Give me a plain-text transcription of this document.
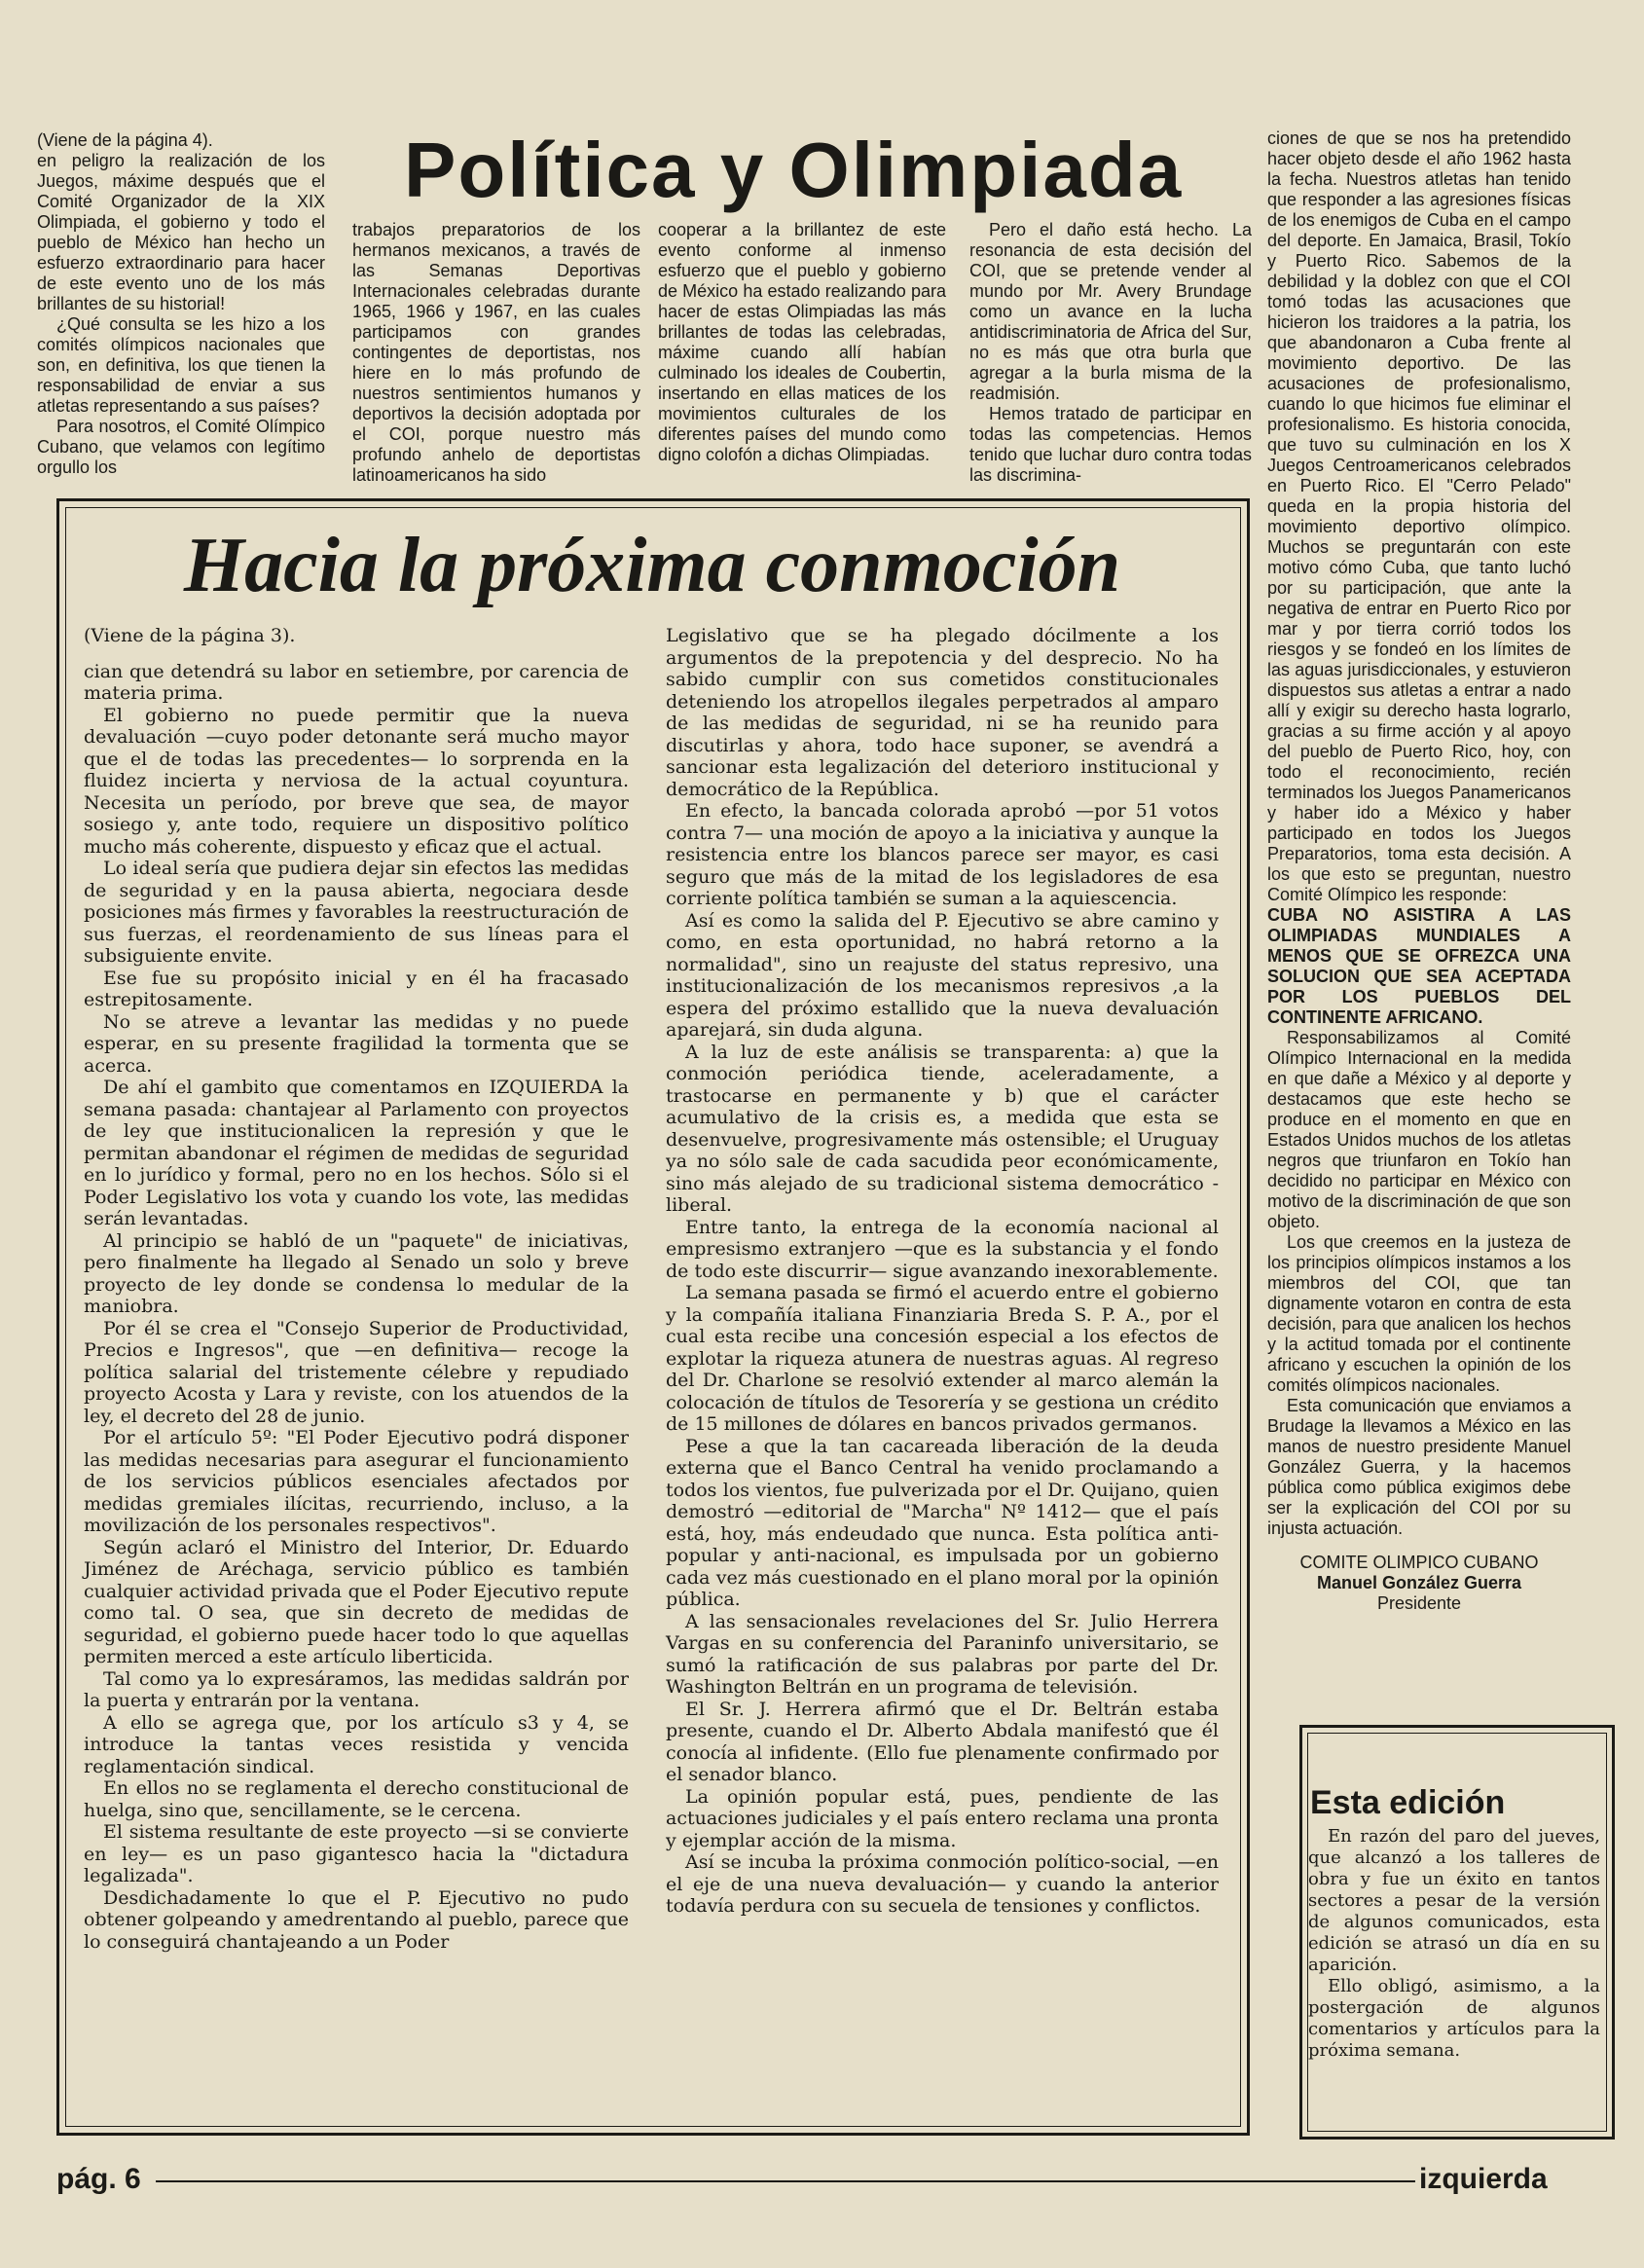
(Viene de la página 4).

en peligro la realización de los Juegos, máxime después que el Comité Organizador de la XIX Olimpiada, el gobierno y todo el pueblo de México han hecho un esfuerzo extraordinario para hacer de este evento uno de los más brillantes de su historial!

¿Qué consulta se les hizo a los comités olímpicos nacionales que son, en definitiva, los que tienen la responsabilidad de enviar a sus atletas representando a sus países?

Para nosotros, el Comité Olímpico Cubano, que velamos con legítimo orgullo los

Política y Olimpiada

trabajos preparatorios de los hermanos mexicanos, a través de las Semanas Deportivas Internacionales celebradas durante 1965, 1966 y 1967, en las cuales participamos con grandes contingentes de deportistas, nos hiere en lo más profundo de nuestros sentimientos humanos y deportivos la decisión adoptada por el COI, porque nuestro más profundo anhelo de deportistas latinoamericanos ha sido

cooperar a la brillantez de este evento conforme al inmenso esfuerzo que el pueblo y gobierno de México ha estado realizando para hacer de estas Olimpiadas las más brillantes de todas las celebradas, máxime cuando allí habían culminado los ideales de Coubertin, insertando en ellas matices de los movimientos culturales de los diferentes países del mundo como digno colofón a dichas Olimpiadas.

Pero el daño está hecho. La resonancia de esta decisión del COI, que se pretende vender al mundo por Mr. Avery Brundage como un avance en la lucha antidiscriminatoria de Africa del Sur, no es más que otra burla que agregar a la burla misma de la readmisión.

Hemos tratado de participar en todas las competencias. Hemos tenido que luchar duro contra todas las discrimina-

ciones de que se nos ha pretendido hacer objeto desde el año 1962 hasta la fecha. Nuestros atletas han tenido que responder a las agresiones físicas de los enemigos de Cuba en el campo del deporte. En Jamaica, Brasil, Tokío y Puerto Rico. Sabemos de la debilidad y la doblez con que el COI tomó todas las acusaciones que hicieron los traidores a la patria, los que abandonaron a Cuba frente al movimiento deportivo. De las acusaciones de profesionalismo, cuando lo que hicimos fue eliminar el profesionalismo. Es historia conocida, que tuvo su culminación en los X Juegos Centroamericanos celebrados en Puerto Rico. El "Cerro Pelado" queda en la propia historia del movimiento deportivo olímpico. Muchos se preguntarán con este motivo cómo Cuba, que tanto luchó por su participación, que ante la negativa de entrar en Puerto Rico por mar y por tierra corrió todos los riesgos y se fondeó en los límites de las aguas jurisdiccionales, y estuvieron dispuestos sus atletas a entrar a nado allí y exigir su derecho hasta lograrlo, gracias a su firme acción y al apoyo del pueblo de Puerto Rico, hoy, con todo el reconocimiento, recién terminados los Juegos Panamericanos y haber ido a México y haber participado en todos los Juegos Preparatorios, toma esta decisión. A los que esto se preguntan, nuestro Comité Olímpico les responde:

CUBA NO ASISTIRA A LAS OLIMPIADAS MUNDIALES A MENOS QUE SE OFREZCA UNA SOLUCION QUE SEA ACEPTADA POR LOS PUEBLOS DEL CONTINENTE AFRICANO.

Responsabilizamos al Comité Olímpico Internacional en la medida en que dañe a México y al deporte y destacamos que este hecho se produce en el momento en que en Estados Unidos muchos de los atletas negros que triunfaron en Tokío han decidido no participar en México con motivo de la discriminación de que son objeto.

Los que creemos en la justeza de los principios olímpicos instamos a los miembros del COI, que tan dignamente votaron en contra de esta decisión, para que analicen los hechos y la actitud tomada por el continente africano y escuchen la opinión de los comités olímpicos nacionales.

Esta comunicación que enviamos a Brudage la llevamos a México en las manos de nuestro presidente Manuel González Guerra, y la hacemos pública como pública exigimos debe ser la explicación del COI por su injusta actuación.

COMITE OLIMPICO CUBANO
Manuel González Guerra
Presidente
Hacia la próxima conmoción

(Viene de la página 3).

cian que detendrá su labor en setiembre, por carencia de materia prima.

El gobierno no puede permitir que la nueva devaluación —cuyo poder detonante será mucho mayor que el de todas las precedentes— lo sorprenda en la fluidez incierta y nerviosa de la actual coyuntura. Necesita un período, por breve que sea, de mayor sosiego y, ante todo, requiere un dispositivo político mucho más coherente, dispuesto y eficaz que el actual.

Lo ideal sería que pudiera dejar sin efectos las medidas de seguridad y en la pausa abierta, negociara desde posiciones más firmes y favorables la reestructuración de sus fuerzas, el reordenamiento de sus líneas para el subsiguiente envite.

Ese fue su propósito inicial y en él ha fracasado estrepitosamente.

No se atreve a levantar las medidas y no puede esperar, en su presente fragilidad la tormenta que se acerca.

De ahí el gambito que comentamos en IZQUIERDA la semana pasada: chantajear al Parlamento con proyectos de ley que institucionalicen la represión y que le permitan abandonar el régimen de medidas de seguridad en lo jurídico y formal, pero no en los hechos. Sólo si el Poder Legislativo los vota y cuando los vote, las medidas serán levantadas.

Al principio se habló de un "paquete" de iniciativas, pero finalmente ha llegado al Senado un solo y breve proyecto de ley donde se condensa lo medular de la maniobra.

Por él se crea el "Consejo Superior de Productividad, Precios e Ingresos", que —en definitiva— recoge la política salarial del tristemente célebre y repudiado proyecto Acosta y Lara y reviste, con los atuendos de la ley, el decreto del 28 de junio.

Por el artículo 5º: "El Poder Ejecutivo podrá disponer las medidas necesarias para asegurar el funcionamiento de los servicios públicos esenciales afectados por medidas gremiales ilícitas, recurriendo, incluso, a la movilización de los personales respectivos".

Según aclaró el Ministro del Interior, Dr. Eduardo Jiménez de Aréchaga, servicio público es también cualquier actividad privada que el Poder Ejecutivo repute como tal. O sea, que sin decreto de medidas de seguridad, el gobierno puede hacer todo lo que aquellas permiten merced a este artículo liberticida.

Tal como ya lo expresáramos, las medidas saldrán por la puerta y entrarán por la ventana.

A ello se agrega que, por los artículo s3 y 4, se introduce la tantas veces resistida y vencida reglamentación sindical.

En ellos no se reglamenta el derecho constitucional de huelga, sino que, sencillamente, se le cercena.

El sistema resultante de este proyecto —si se convierte en ley— es un paso gigantesco hacia la "dictadura legalizada".

Desdichadamente lo que el P. Ejecutivo no pudo obtener golpeando y amedrentando al pueblo, parece que lo conseguirá chantajeando a un Poder

Legislativo que se ha plegado dócilmente a los argumentos de la prepotencia y del desprecio. No ha sabido cumplir con sus cometidos constitucionales deteniendo los atropellos ilegales perpetrados al amparo de las medidas de seguridad, ni se ha reunido para discutirlas y ahora, todo hace suponer, se avendrá a sancionar esta legalización del deterioro institucional y democrático de la República.

En efecto, la bancada colorada aprobó —por 51 votos contra 7— una moción de apoyo a la iniciativa y aunque la resistencia entre los blancos parece ser mayor, es casi seguro que más de la mitad de los legisladores de esa corriente política también se suman a la aquiescencia.

Así es como la salida del P. Ejecutivo se abre camino y como, en esta oportunidad, no habrá retorno a la normalidad", sino un reajuste del status represivo, una institucionalización de los mecanismos represivos ,a la espera del próximo estallido que la nueva devaluación aparejará, sin duda alguna.

A la luz de este análisis se transparenta: a) que la conmoción periódica tiende, aceleradamente, a trastocarse en permanente y b) que el carácter acumulativo de la crisis es, a medida que esta se desenvuelve, progresivamente más ostensible; el Uruguay ya no sólo sale de cada sacudida peor económicamente, sino más alejado de su tradicional sistema democrático - liberal.

Entre tanto, la entrega de la economía nacional al empresismo extranjero —que es la substancia y el fondo de todo este discurrir— sigue avanzando inexorablemente.

La semana pasada se firmó el acuerdo entre el gobierno y la compañía italiana Finanziaria Breda S. P. A., por el cual esta recibe una concesión especial a los efectos de explotar la riqueza atunera de nuestras aguas. Al regreso del Dr. Charlone se resolvió extender al marco alemán la colocación de títulos de Tesorería y se gestiona un crédito de 15 millones de dólares en bancos privados germanos.

Pese a que la tan cacareada liberación de la deuda externa que el Banco Central ha venido proclamando a todos los vientos, fue pulverizada por el Dr. Quijano, quien demostró —editorial de "Marcha" Nº 1412— que el país está, hoy, más endeudado que nunca. Esta política anti-popular y anti-nacional, es impulsada por un gobierno cada vez más cuestionado en el plano moral por la opinión pública.

A las sensacionales revelaciones del Sr. Julio Herrera Vargas en su conferencia del Paraninfo universitario, se sumó la ratificación de sus palabras por parte del Dr. Washington Beltrán en un programa de televisión.

El Sr. J. Herrera afirmó que el Dr. Beltrán estaba presente, cuando el Dr. Alberto Abdala manifestó que él conocía al infidente. (Ello fue plenamente confirmado por el senador blanco.

La opinión popular está, pues, pendiente de las actuaciones judiciales y el país entero reclama una pronta y ejemplar acción de la misma.

Así se incuba la próxima conmoción político-social, —en el eje de una nueva devaluación— y cuando la anterior todavía perdura con su secuela de tensiones y conflictos.

Esta edición

En razón del paro del jueves, que alcanzó a los talleres de obra y fue un éxito en tantos sectores a pesar de la versión de algunos comunicados, esta edición se atrasó un día en su aparición.

Ello obligó, asimismo, a la postergación de algunos comentarios y artículos para la próxima semana.

pág. 6	izquierda
